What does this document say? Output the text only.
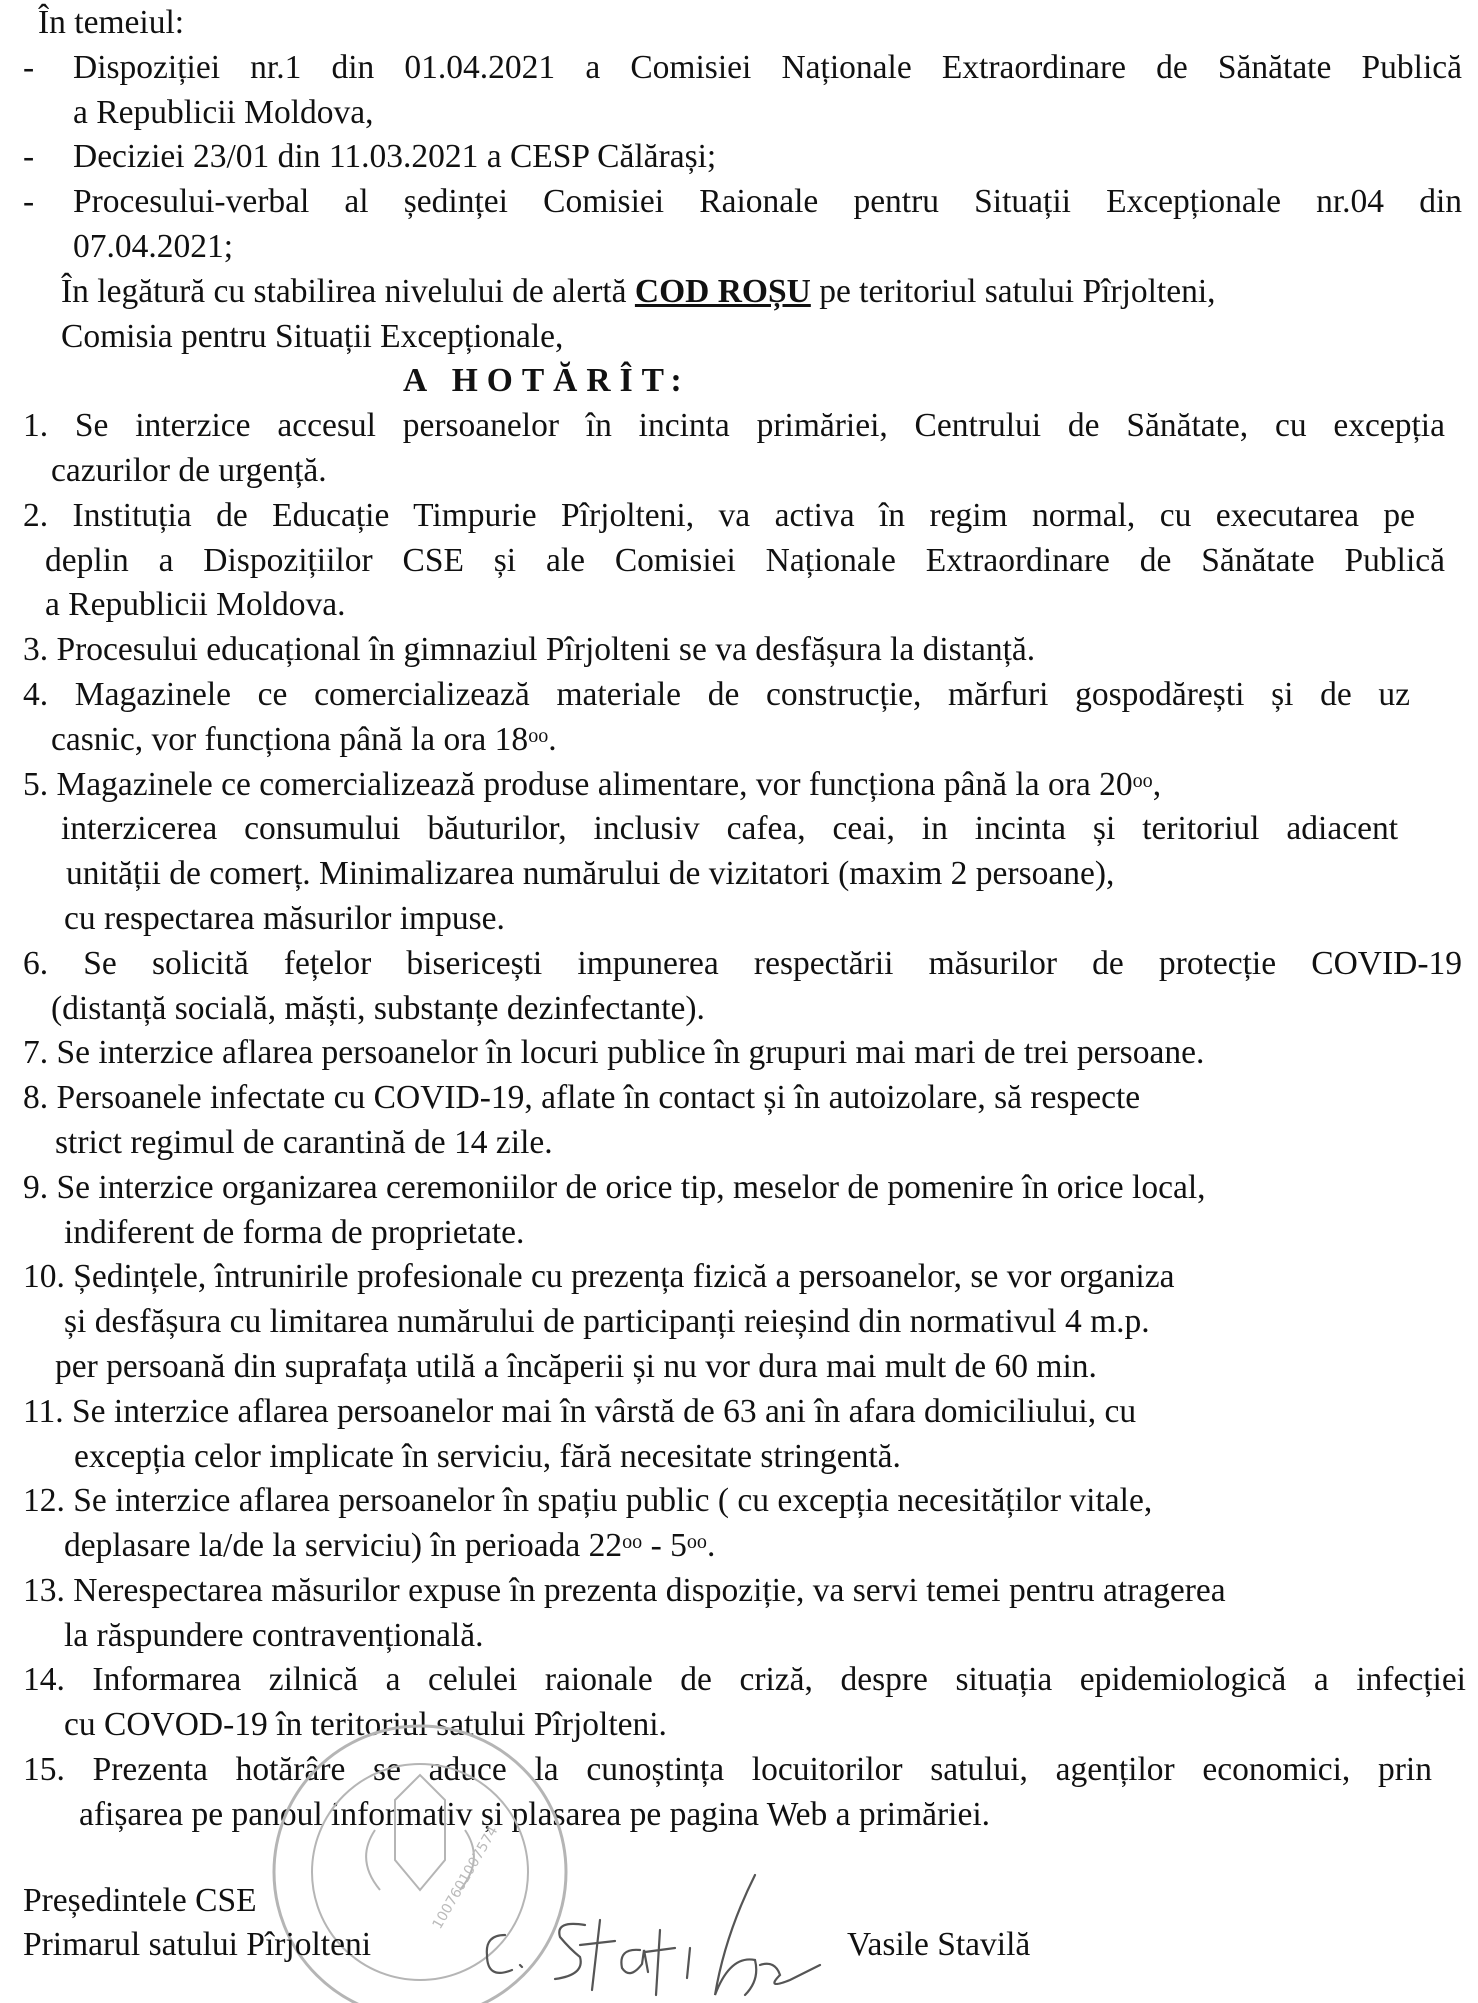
În temeiul:
- Dispoziției nr.1 din 01.04.2021 a Comisiei Naționale Extraordinare de Sănătate Publică
a Republicii Moldova,
- Deciziei 23/01 din 11.03.2021 a CESP Călărași;
- Procesului-verbal al ședinței Comisiei Raionale pentru Situații Excepționale nr.04 din
07.04.2021;
În legătură cu stabilirea nivelului de alertă COD ROȘU pe teritoriul satului Pîrjolteni,
Comisia pentru Situații Excepționale,
A HOTĂRÎT:
1. Se interzice accesul persoanelor în incinta primăriei, Centrului de Sănătate, cu excepția
cazurilor de urgență.
2. Instituția de Educație Timpurie Pîrjolteni, va activa în regim normal, cu executarea pe
deplin a Dispozițiilor CSE și ale Comisiei Naționale Extraordinare de Sănătate Publică
a Republicii Moldova.
3. Procesului educațional în gimnaziul Pîrjolteni se va desfășura la distanță.
4. Magazinele ce comercializează materiale de construcție, mărfuri gospodărești și de uz
casnic, vor funcționa până la ora $18^{oo}$.
5. Magazinele ce comercializează produse alimentare, vor funcționa până la ora $20^{oo}$,
interzicerea consumului băuturilor, inclusiv cafea, ceai, in incinta și teritoriul adiacent
unității de comerț. Minimalizarea numărului de vizitatori (maxim 2 persoane),
cu respectarea măsurilor impuse.
6. Se solicită fețelor bisericești impunerea respectării măsurilor de protecție COVID-19
(distanță socială, măști, substanțe dezinfectante).
7. Se interzice aflarea persoanelor în locuri publice în grupuri mai mari de trei persoane.
8. Persoanele infectate cu COVID-19, aflate în contact și în autoizolare, să respecte
strict regimul de carantină de 14 zile.
9. Se interzice organizarea ceremoniilor de orice tip, meselor de pomenire în orice local,
indiferent de forma de proprietate.
10. Ședințele, întrunirile profesionale cu prezența fizică a persoanelor, se vor organiza
și desfășura cu limitarea numărului de participanți reieșind din normativul 4 m.p.
per persoană din suprafața utilă a încăperii și nu vor dura mai mult de 60 min.
11. Se interzice aflarea persoanelor mai în vârstă de 63 ani în afara domiciliului, cu
excepția celor implicate în serviciu, fără necesitate stringentă.
12. Se interzice aflarea persoanelor în spațiu public ( cu excepția necesităților vitale,
deplasare la/de la serviciu) în perioada $22^{oo} - 5^{oo}$.
13. Nerespectarea măsurilor expuse în prezenta dispoziție, va servi temei pentru atragerea
la răspundere contravențională.
14. Informarea zilnică a celulei raionale de criză, despre situația epidemiologică a infecției
cu COVOD-19 în teritoriul satului Pîrjolteni.
15. Prezenta hotărâre se aduce la cunoștința locuitorilor satului, agenților economici, prin
afișarea pe panoul informativ și plasarea pe pagina Web a primăriei.
1007601007574
Președintele CSE
Primarul satului Pîrjolteni	Vasile Stavilă
